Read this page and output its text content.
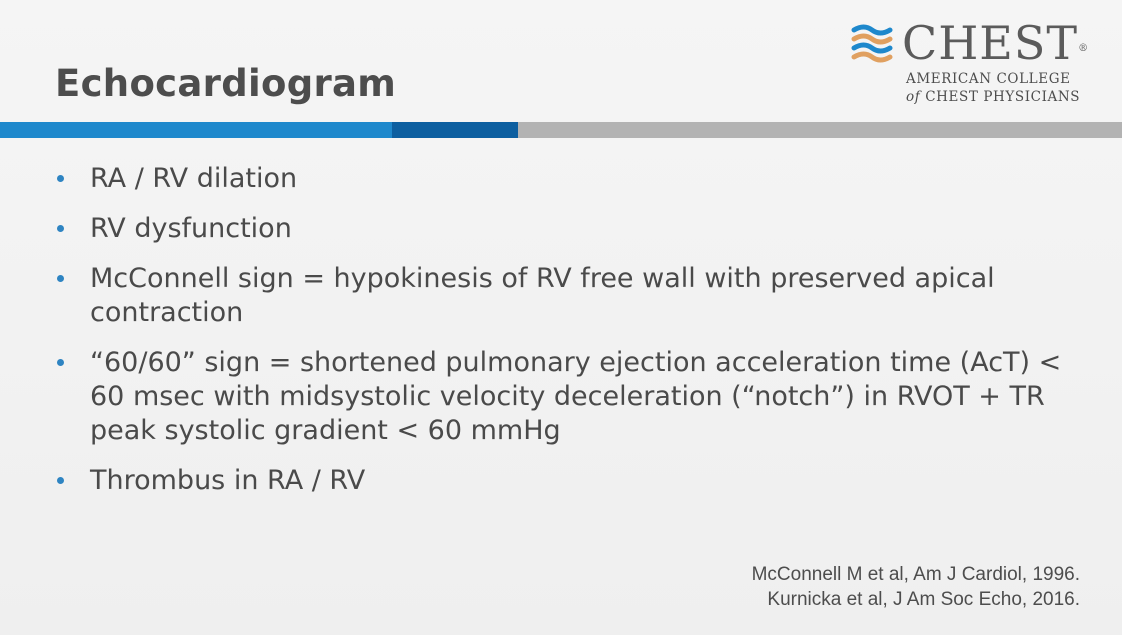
Echocardiogram
CHEST®
AMERICAN COLLEGE
of CHEST PHYSICIANS
RA / RV dilation
RV dysfunction
McConnell sign = hypokinesis of RV free wall with preserved apical contraction
“60/60” sign = shortened pulmonary ejection acceleration time (AcT) < 60 msec with midsystolic velocity deceleration (“notch”) in RVOT + TR peak systolic gradient < 60 mmHg
Thrombus in RA / RV
McConnell M et al, Am J Cardiol, 1996.
Kurnicka et al, J Am Soc Echo, 2016.
